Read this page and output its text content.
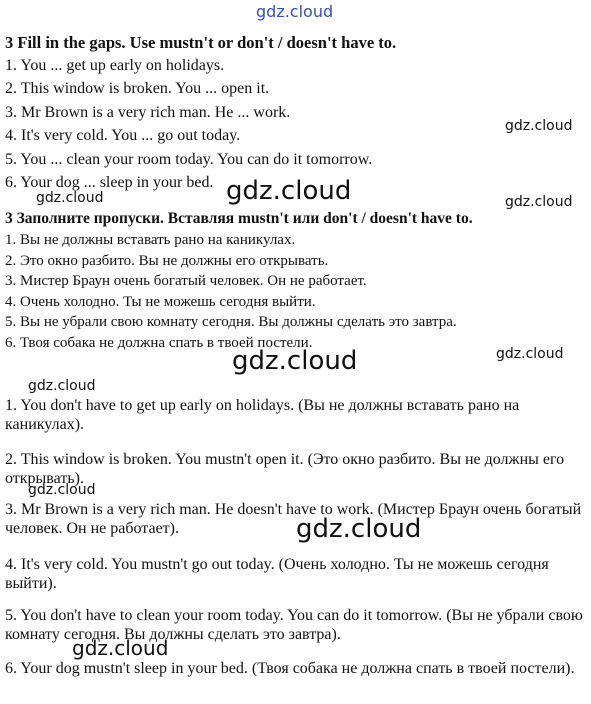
gdz.cloud
gdz.cloud
gdz.cloud	gdz.cloud
gdz.cloud
gdz.cloud
gdz.cloud
gdz.cloud
gdz.cloud
gdz.cloud
gdz.cloud
3 Fill in the gaps. Use mustn't or don't / doesn't have to.
1. You ... get up early on holidays.
2. This window is broken. You ... open it.
3. Mr Brown is a very rich man. He ... work.
4. It's very cold. You ... go out today.
5. You ... clean your room today. You can do it tomorrow.
6. Your dog ... sleep in your bed.
3 Заполните пропуски. Вставляя mustn't или don't / doesn't have to.
1. Вы не должны вставать рано на каникулах.
2. Это окно разбито. Вы не должны его открывать.
3. Мистер Браун очень богатый человек. Он не работает.
4. Очень холодно. Ты не можешь сегодня выйти.
5. Вы не убрали свою комнату сегодня. Вы должны сделать это завтра.
6. Твоя собака не должна спать в твоей постели.
1. You don't have to get up early on holidays. (Вы не должны вставать рано на каникулах).
2. This window is broken. You mustn't open it. (Это окно разбито. Вы не должны его открывать).
3. Mr Brown is a very rich man. He doesn't have to work. (Мистер Браун очень богатый человек. Он не работает).
4. It's very cold. You mustn't go out today. (Очень холодно. Ты не можешь сегодня выйти).
5. You don't have to clean your room today. You can do it tomorrow. (Вы не убрали свою комнату сегодня. Вы должны сделать это завтра).
6. Your dog mustn't sleep in your bed. (Твоя собака не должна спать в твоей постели).
